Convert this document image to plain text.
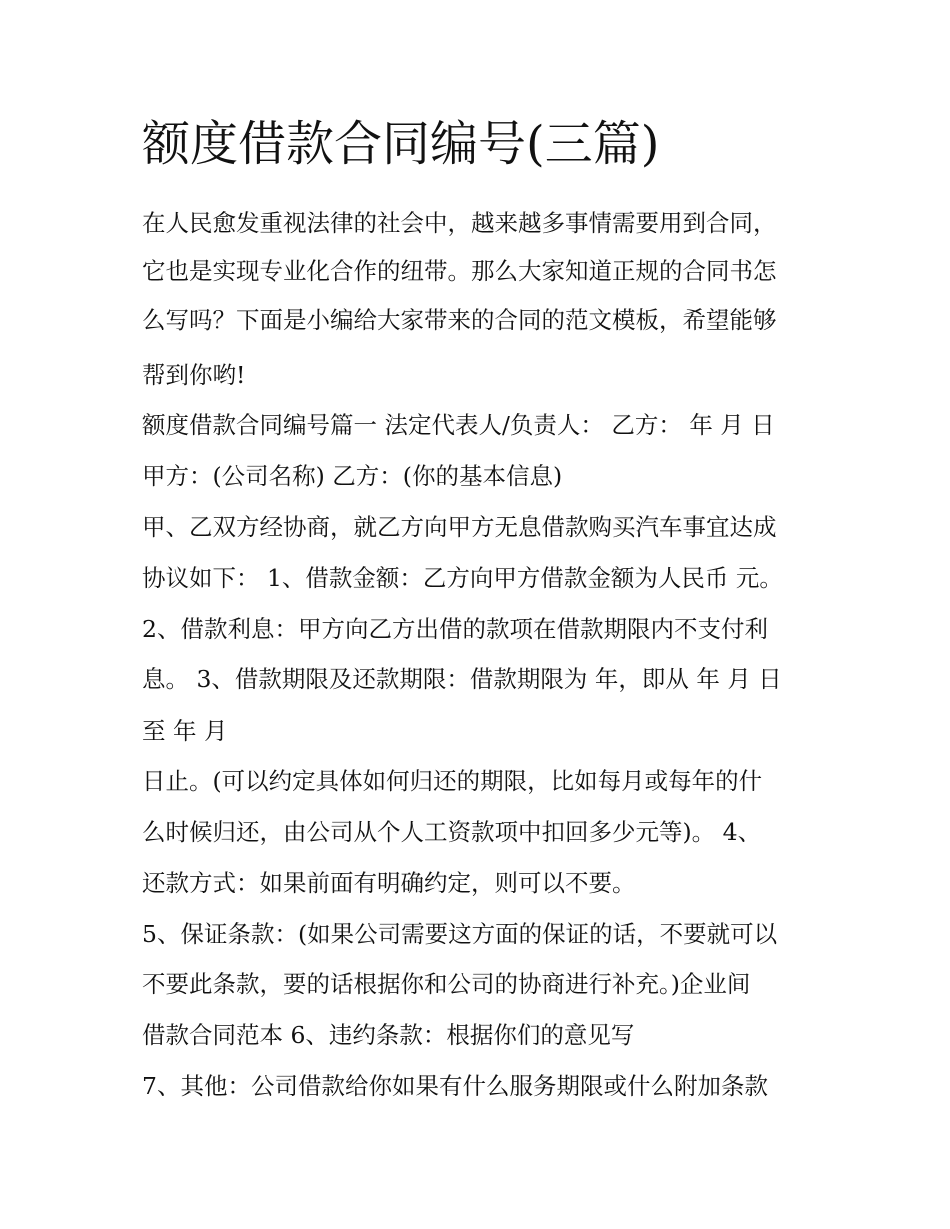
额度借款合同编号(三篇)
在人民愈发重视法律的社会中，越来越多事情需要用到合同，
它也是实现专业化合作的纽带。那么大家知道正规的合同书怎
么写吗？下面是小编给大家带来的合同的范文模板，希望能够
帮到你哟!
额度借款合同编号篇一 法定代表人/负责人： 乙方： 年 月 日
甲方：(公司名称) 乙方：(你的基本信息)
甲、乙双方经协商，就乙方向甲方无息借款购买汽车事宜达成
协议如下： 1、借款金额：乙方向甲方借款金额为人民币 元。
2、借款利息：甲方向乙方出借的款项在借款期限内不支付利
息。 3、借款期限及还款期限：借款期限为 年，即从 年 月 日
至 年 月
日止。(可以约定具体如何归还的期限，比如每月或每年的什
么时候归还，由公司从个人工资款项中扣回多少元等)。 4、
还款方式：如果前面有明确约定，则可以不要。
5、保证条款：(如果公司需要这方面的保证的话，不要就可以
不要此条款，要的话根据你和公司的协商进行补充。)企业间
借款合同范本 6、违约条款：根据你们的意见写
7、其他：公司借款给你如果有什么服务期限或什么附加条款
